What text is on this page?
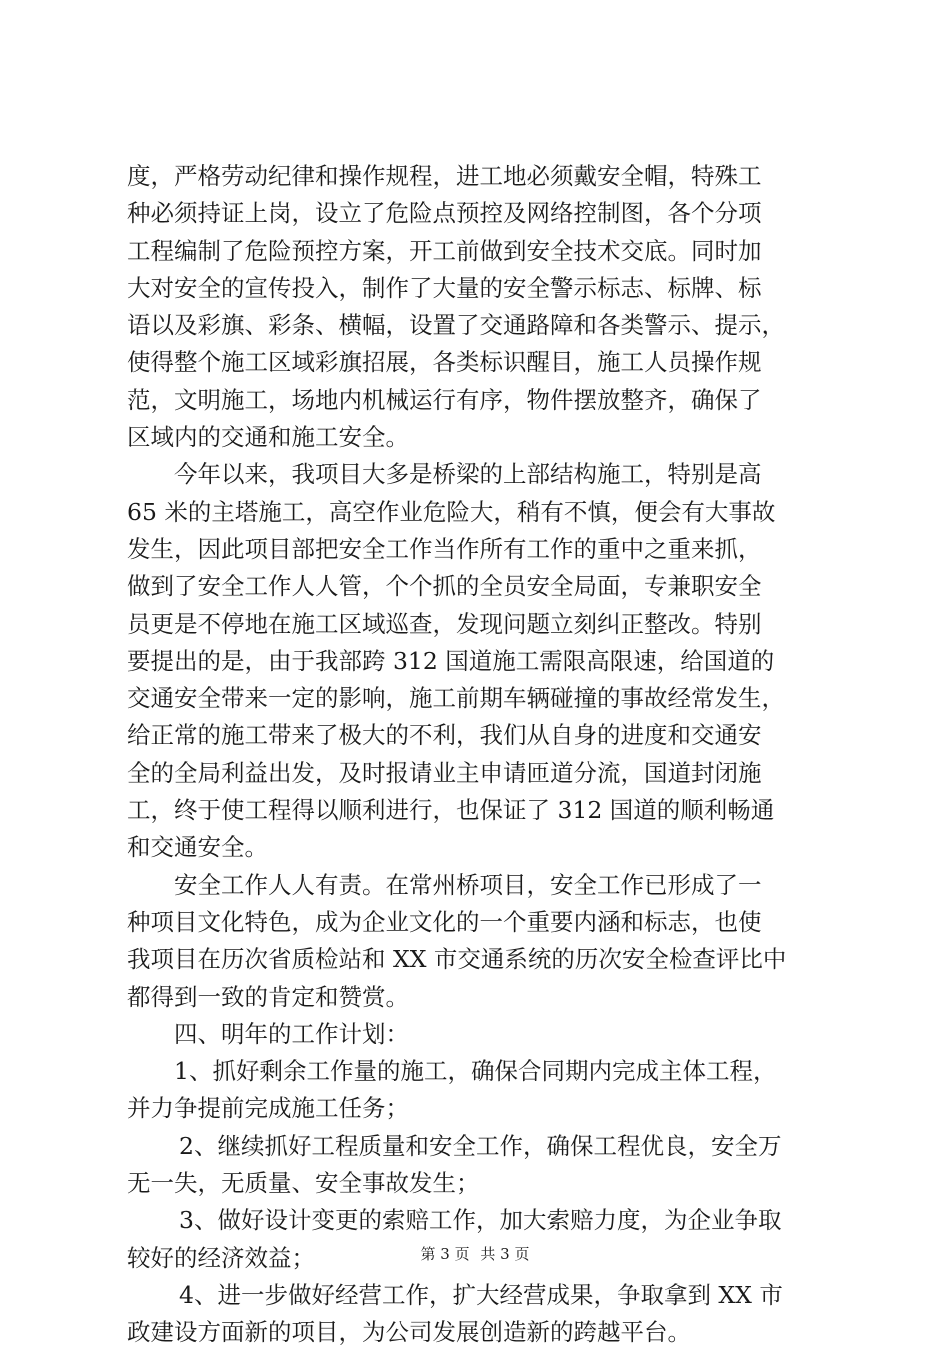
度，严格劳动纪律和操作规程，进工地必须戴安全帽，特殊工
种必须持证上岗，设立了危险点预控及网络控制图，各个分项
工程编制了危险预控方案，开工前做到安全技术交底。同时加
大对安全的宣传投入，制作了大量的安全警示标志、标牌、标
语以及彩旗、彩条、横幅，设置了交通路障和各类警示、提示，
使得整个施工区域彩旗招展，各类标识醒目，施工人员操作规
范，文明施工，场地内机械运行有序，物件摆放整齐，确保了
区域内的交通和施工安全。
今年以来，我项目大多是桥梁的上部结构施工，特别是高
65 米的主塔施工，高空作业危险大，稍有不慎，便会有大事故
发生，因此项目部把安全工作当作所有工作的重中之重来抓，
做到了安全工作人人管，个个抓的全员安全局面，专兼职安全
员更是不停地在施工区域巡查，发现问题立刻纠正整改。特别
要提出的是，由于我部跨 312 国道施工需限高限速，给国道的
交通安全带来一定的影响，施工前期车辆碰撞的事故经常发生，
给正常的施工带来了极大的不利，我们从自身的进度和交通安
全的全局利益出发，及时报请业主申请匝道分流，国道封闭施
工，终于使工程得以顺利进行，也保证了 312 国道的顺利畅通
和交通安全。
安全工作人人有责。在常州桥项目，安全工作已形成了一
种项目文化特色，成为企业文化的一个重要内涵和标志，也使
我项目在历次省质检站和 XX 市交通系统的历次安全检查评比中
都得到一致的肯定和赞赏。
四、明年的工作计划：
1、抓好剩余工作量的施工，确保合同期内完成主体工程，
并力争提前完成施工任务；
2、继续抓好工程质量和安全工作，确保工程优良，安全万
无一失，无质量、安全事故发生；
3、做好设计变更的索赔工作，加大索赔力度，为企业争取
较好的经济效益；
4、进一步做好经营工作，扩大经营成果，争取拿到 XX 市
政建设方面新的项目，为公司发展创造新的跨越平台。
第 3 页 共 3 页
